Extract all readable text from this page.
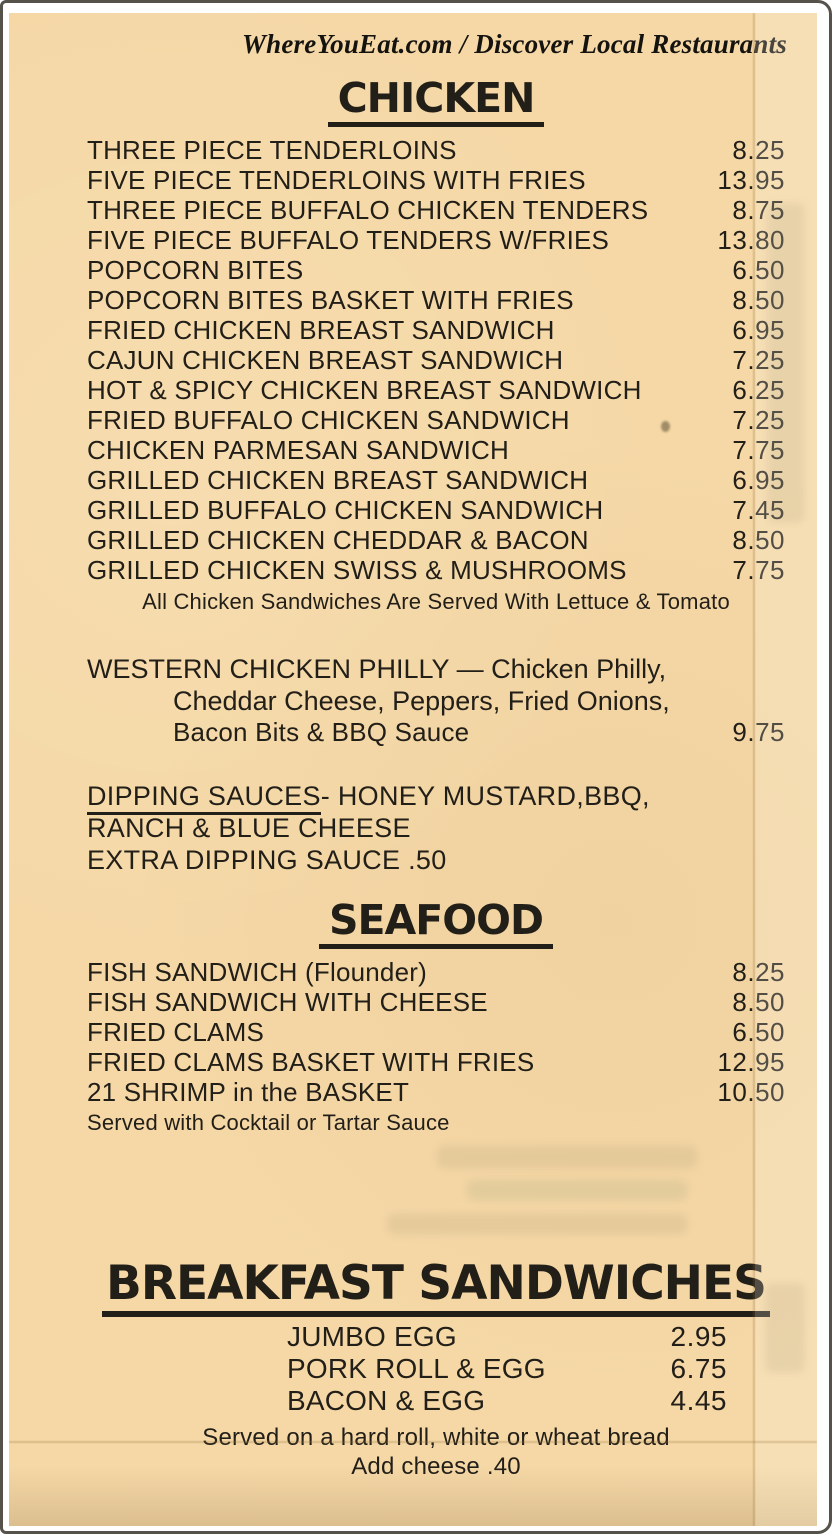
WhereYouEat.com / Discover Local Restaurants
CHICKEN
THREE PIECE TENDERLOINS	8.25
FIVE PIECE TENDERLOINS WITH FRIES	13.95
THREE PIECE BUFFALO CHICKEN TENDERS	8.75
FIVE PIECE BUFFALO TENDERS W/FRIES	13.80
POPCORN BITES	6.50
POPCORN BITES BASKET WITH FRIES	8.50
FRIED CHICKEN BREAST SANDWICH	6.95
CAJUN CHICKEN BREAST SANDWICH	7.25
HOT & SPICY CHICKEN BREAST SANDWICH	6.25
FRIED BUFFALO CHICKEN SANDWICH	7.25
CHICKEN PARMESAN SANDWICH	7.75
GRILLED CHICKEN BREAST SANDWICH	6.95
GRILLED BUFFALO CHICKEN SANDWICH	7.45
GRILLED CHICKEN CHEDDAR & BACON	8.50
GRILLED CHICKEN SWISS & MUSHROOMS	7.75
All Chicken Sandwiches Are Served With Lettuce & Tomato
WESTERN CHICKEN PHILLY — Chicken Philly,
Cheddar Cheese, Peppers, Fried Onions,
Bacon Bits & BBQ Sauce	9.75
DIPPING SAUCES- HONEY MUSTARD,BBQ,
RANCH & BLUE CHEESE
EXTRA DIPPING SAUCE .50
SEAFOOD
FISH SANDWICH (Flounder)	8.25
FISH SANDWICH WITH CHEESE	8.50
FRIED CLAMS	6.50
FRIED CLAMS BASKET WITH FRIES	12.95
21 SHRIMP in the BASKET	10.50
Served with Cocktail or Tartar Sauce
BREAKFAST SANDWICHES
JUMBO EGG	2.95
PORK ROLL & EGG	6.75
BACON & EGG	4.45
Served on a hard roll, white or wheat bread
Add cheese .40
